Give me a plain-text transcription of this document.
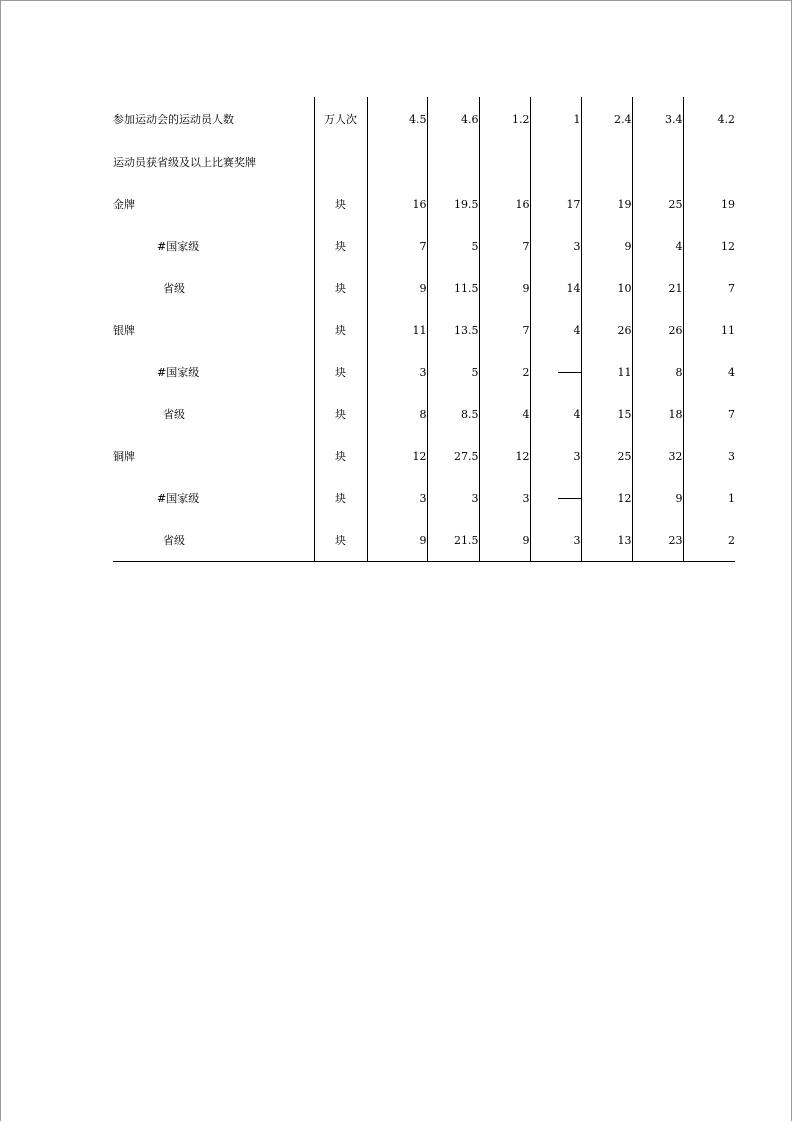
参加运动会的运动员人数	万人次	4.5	4.6	1.2	1	2.4	3.4	4.2
运动员获省级及以上比赛奖牌								
金牌	块	16	19.5	16	17	19	25	19
#国家级	块	7	5	7	3	9	4	12
省级	块	9	11.5	9	14	10	21	7
银牌	块	11	13.5	7	4	26	26	11
#国家级	块	3	5	2		11	8	4
省级	块	8	8.5	4	4	15	18	7
铜牌	块	12	27.5	12	3	25	32	3
#国家级	块	3	3	3		12	9	1
省级	块	9	21.5	9	3	13	23	2
